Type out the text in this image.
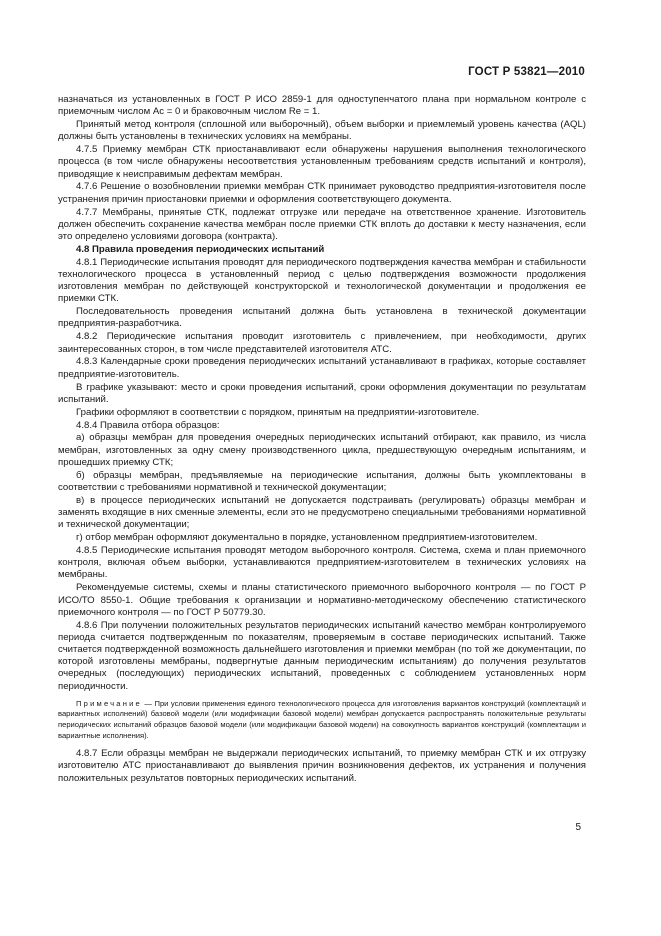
ГОСТ Р 53821—2010

назначаться из установленных в ГОСТ Р ИСО 2859-1 для одноступенчатого плана при нормальном контроле с приемочным числом Ac = 0 и браковочным числом Re = 1.

Принятый метод контроля (сплошной или выборочный), объем выборки и приемлемый уровень качества (AQL) должны быть установлены в технических условиях на мембраны.

4.7.5 Приемку мембран СТК приостанавливают если обнаружены нарушения выполнения технологического процесса (в том числе обнаружены несоответствия установленным требованиям средств испытаний и контроля), приводящие к неисправимым дефектам мембран.

4.7.6 Решение о возобновлении приемки мембран СТК принимает руководство предприятия-изготовителя после устранения причин приостановки приемки и оформления соответствующего документа.

4.7.7 Мембраны, принятые СТК, подлежат отгрузке или передаче на ответственное хранение. Изготовитель должен обеспечить сохранение качества мембран после приемки СТК вплоть до доставки к месту назначения, если это определено условиями договора (контракта).

4.8 Правила проведения периодических испытаний

4.8.1 Периодические испытания проводят для периодического подтверждения качества мембран и стабильности технологического процесса в установленный период с целью подтверждения возможности продолжения изготовления мембран по действующей конструкторской и технологической документации и продолжения ее приемки СТК.

Последовательность проведения испытаний должна быть установлена в технической документации предприятия-разработчика.

4.8.2 Периодические испытания проводит изготовитель с привлечением, при необходимости, других заинтересованных сторон, в том числе представителей изготовителя АТС.

4.8.3 Календарные сроки проведения периодических испытаний устанавливают в графиках, которые составляет предприятие-изготовитель.

В графике указывают: место и сроки проведения испытаний, сроки оформления документации по результатам испытаний.

Графики оформляют в соответствии с порядком, принятым на предприятии-изготовителе.

4.8.4 Правила отбора образцов:

а) образцы мембран для проведения очередных периодических испытаний отбирают, как правило, из числа мембран, изготовленных за одну смену производственного цикла, предшествующую очередным испытаниям, и прошедших приемку СТК;

б) образцы мембран, предъявляемые на периодические испытания, должны быть укомплектованы в соответствии с требованиями нормативной и технической документации;

в) в процессе периодических испытаний не допускается подстраивать (регулировать) образцы мембран и заменять входящие в них сменные элементы, если это не предусмотрено специальными требованиями нормативной и технической документации;

г) отбор мембран оформляют документально в порядке, установленном предприятием-изготовителем.

4.8.5 Периодические испытания проводят методом выборочного контроля. Система, схема и план приемочного контроля, включая объем выборки, устанавливаются предприятием-изготовителем в технических условиях на мембраны.

Рекомендуемые системы, схемы и планы статистического приемочного выборочного контроля — по ГОСТ Р ИСО/ТО 8550-1. Общие требования к организации и нормативно-методическому обеспечению статистического приемочного контроля — по ГОСТ Р 50779.30.

4.8.6 При получении положительных результатов периодических испытаний качество мембран контролируемого периода считается подтвержденным по показателям, проверяемым в составе периодических испытаний. Также считается подтвержденной возможность дальнейшего изготовления и приемки мембран (по той же документации, по которой изготовлены мембраны, подвергнутые данным периодическим испытаниям) до получения результатов очередных (последующих) периодических испытаний, проведенных с соблюдением установленных норм периодичности.

Примечание — При условии применения единого технологического процесса для изготовления вариантов конструкций (комплектаций и вариантных исполнений) базовой модели (или модификации базовой модели) мембран допускается распространять положительные результаты периодических испытаний образцов базовой модели (или модификации базовой модели) на совокупность вариантов конструкций (комплектации и вариантные исполнения).

4.8.7 Если образцы мембран не выдержали периодических испытаний, то приемку мембран СТК и их отгрузку изготовителю АТС приостанавливают до выявления причин возникновения дефектов, их устранения и получения положительных результатов повторных периодических испытаний.

5
